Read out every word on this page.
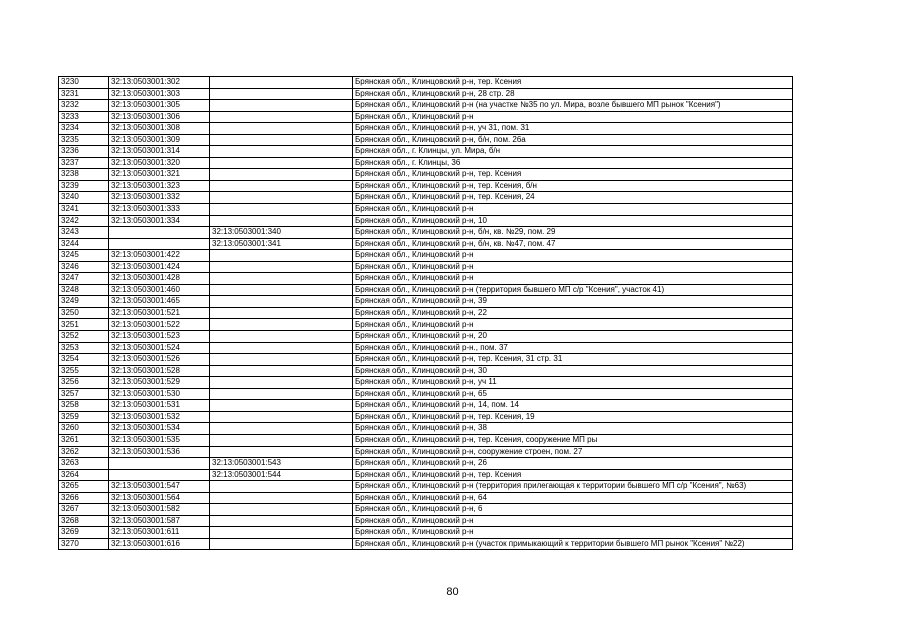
3230	32:13:0503001:302		Брянская обл., Клинцовский р-н, тер. Ксения
3231	32:13:0503001:303		Брянская обл., Клинцовский р-н, 28 стр. 28
3232	32:13:0503001:305		Брянская обл., Клинцовский р-н (на участке №35 по ул. Мира, возле бывшего МП рынок "Ксения")
3233	32:13:0503001:306		Брянская обл., Клинцовский р-н
3234	32:13:0503001:308		Брянская обл., Клинцовский р-н, уч 31, пом. 31
3235	32:13:0503001:309		Брянская обл., Клинцовский р-н, б/н, пом. 26а
3236	32:13:0503001:314		Брянская обл., г. Клинцы, ул. Мира, б/н
3237	32:13:0503001:320		Брянская обл., г. Клинцы, 36
3238	32:13:0503001:321		Брянская обл., Клинцовский р-н, тер. Ксения
3239	32:13:0503001:323		Брянская обл., Клинцовский р-н, тер. Ксения, б/н
3240	32:13:0503001:332		Брянская обл., Клинцовский р-н, тер. Ксения, 24
3241	32:13:0503001:333		Брянская обл., Клинцовский р-н
3242	32:13:0503001:334		Брянская обл., Клинцовский р-н, 10
3243		32:13:0503001:340	Брянская обл., Клинцовский р-н, б/н, кв. №29, пом. 29
3244		32:13:0503001:341	Брянская обл., Клинцовский р-н, б/н, кв. №47, пом. 47
3245	32:13:0503001:422		Брянская обл., Клинцовский р-н
3246	32:13:0503001:424		Брянская обл., Клинцовский р-н
3247	32:13:0503001:428		Брянская обл., Клинцовский р-н
3248	32:13:0503001:460		Брянская обл., Клинцовский р-н (территория бывшего МП с/р "Ксения", участок 41)
3249	32:13:0503001:465		Брянская обл., Клинцовский р-н, 39
3250	32:13:0503001:521		Брянская обл., Клинцовский р-н, 22
3251	32:13:0503001:522		Брянская обл., Клинцовский р-н
3252	32:13:0503001:523		Брянская обл., Клинцовский р-н, 20
3253	32:13:0503001:524		Брянская обл., Клинцовский р-н., пом. 37
3254	32:13:0503001:526		Брянская обл., Клинцовский р-н, тер. Ксения, 31 стр. 31
3255	32:13:0503001:528		Брянская обл., Клинцовский р-н, 30
3256	32:13:0503001:529		Брянская обл., Клинцовский р-н, уч 11
3257	32:13:0503001:530		Брянская обл., Клинцовский р-н, 65
3258	32:13:0503001:531		Брянская обл., Клинцовский р-н, 14, пом. 14
3259	32:13:0503001:532		Брянская обл., Клинцовский р-н, тер. Ксения, 19
3260	32:13:0503001:534		Брянская обл., Клинцовский р-н, 38
3261	32:13:0503001:535		Брянская обл., Клинцовский р-н, тер. Ксения, сооружение МП ры
3262	32:13:0503001:536		Брянская обл., Клинцовский р-н, сооружение строен, пом. 27
3263		32:13:0503001:543	Брянская обл., Клинцовский р-н, 26
3264		32:13:0503001:544	Брянская обл., Клинцовский р-н, тер. Ксения
3265	32:13:0503001:547		Брянская обл., Клинцовский р-н (территория прилегающая к территории бывшего МП с/р "Ксения", №63)
3266	32:13:0503001:564		Брянская обл., Клинцовский р-н, 64
3267	32:13:0503001:582		Брянская обл., Клинцовский р-н, 6
3268	32:13:0503001:587		Брянская обл., Клинцовский р-н
3269	32:13:0503001:611		Брянская обл., Клинцовский р-н
3270	32:13:0503001:616		Брянская обл., Клинцовский р-н (участок примыкающий к территории бывшего МП рынок "Ксения" №22)
80
